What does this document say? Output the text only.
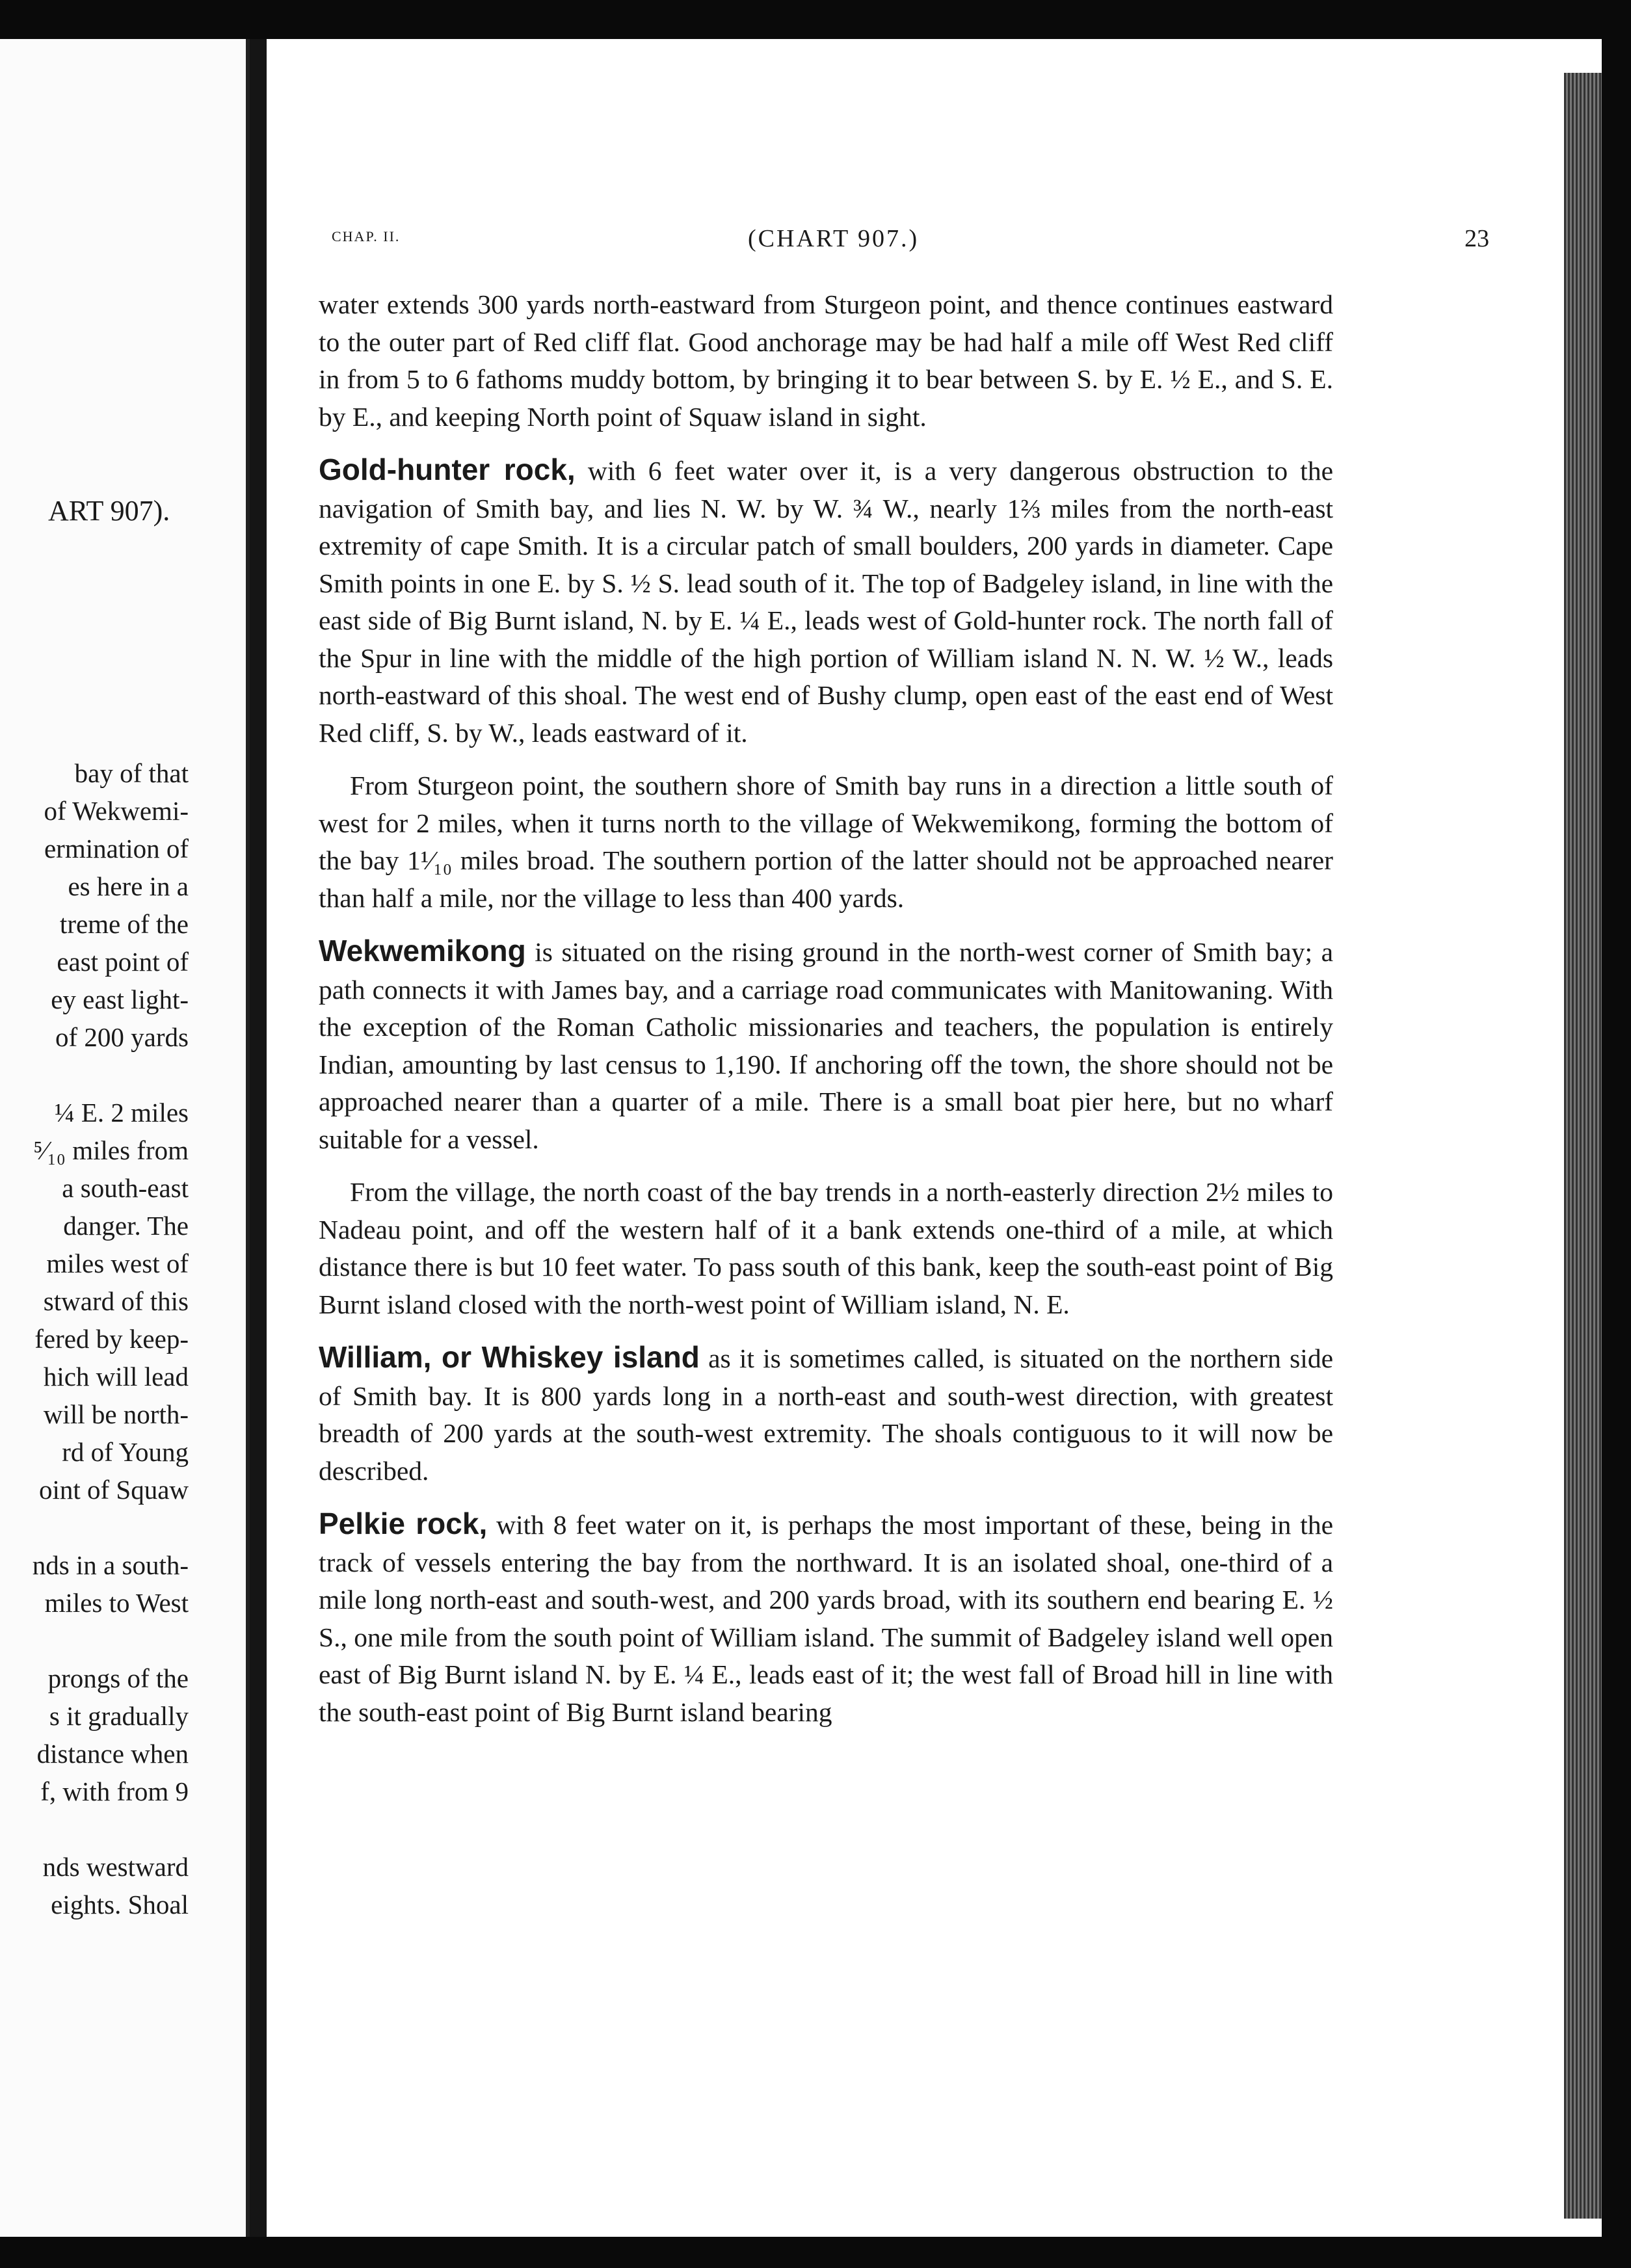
ART 907).
bay of that
of Wekwemi-
ermination of
es here in a
treme of the
east point of
ey east light-
of 200 yards
¼ E. 2 miles
⁵⁄₁₀ miles from
a south-east
danger. The
miles west of
stward of this
fered by keep-
hich will lead
will be north-
rd of Young
oint of Squaw
nds in a south-
miles to West
prongs of the
s it gradually
distance when
f, with from 9
nds westward
eights. Shoal
CHAP. II.	(CHART 907.)	23

water extends 300 yards north-eastward from Sturgeon point, and thence continues eastward to the outer part of Red cliff flat. Good anchorage may be had half a mile off West Red cliff in from 5 to 6 fathoms muddy bottom, by bringing it to bear between S. by E. ½ E., and S. E. by E., and keeping North point of Squaw island in sight.

Gold-hunter rock, with 6 feet water over it, is a very dangerous obstruction to the navigation of Smith bay, and lies N. W. by W. ¾ W., nearly 1⅔ miles from the north-east extremity of cape Smith. It is a circular patch of small boulders, 200 yards in diameter. Cape Smith points in one E. by S. ½ S. lead south of it. The top of Badgeley island, in line with the east side of Big Burnt island, N. by E. ¼ E., leads west of Gold-hunter rock. The north fall of the Spur in line with the middle of the high portion of William island N. N. W. ½ W., leads north-eastward of this shoal. The west end of Bushy clump, open east of the east end of West Red cliff, S. by W., leads eastward of it.

From Sturgeon point, the southern shore of Smith bay runs in a direction a little south of west for 2 miles, when it turns north to the village of Wekwemikong, forming the bottom of the bay 1¹⁄₁₀ miles broad. The southern portion of the latter should not be approached nearer than half a mile, nor the village to less than 400 yards.

Wekwemikong is situated on the rising ground in the north-west corner of Smith bay; a path connects it with James bay, and a carriage road communicates with Manitowaning. With the exception of the Roman Catholic missionaries and teachers, the population is entirely Indian, amounting by last census to 1,190. If anchoring off the town, the shore should not be approached nearer than a quarter of a mile. There is a small boat pier here, but no wharf suitable for a vessel.

From the village, the north coast of the bay trends in a north-easterly direction 2½ miles to Nadeau point, and off the western half of it a bank extends one-third of a mile, at which distance there is but 10 feet water. To pass south of this bank, keep the south-east point of Big Burnt island closed with the north-west point of William island, N. E.

William, or Whiskey island as it is sometimes called, is situated on the northern side of Smith bay. It is 800 yards long in a north-east and south-west direction, with greatest breadth of 200 yards at the south-west extremity. The shoals contiguous to it will now be described.

Pelkie rock, with 8 feet water on it, is perhaps the most important of these, being in the track of vessels entering the bay from the northward. It is an isolated shoal, one-third of a mile long north-east and south-west, and 200 yards broad, with its southern end bearing E. ½ S., one mile from the south point of William island. The summit of Badgeley island well open east of Big Burnt island N. by E. ¼ E., leads east of it; the west fall of Broad hill in line with the south-east point of Big Burnt island bearing
